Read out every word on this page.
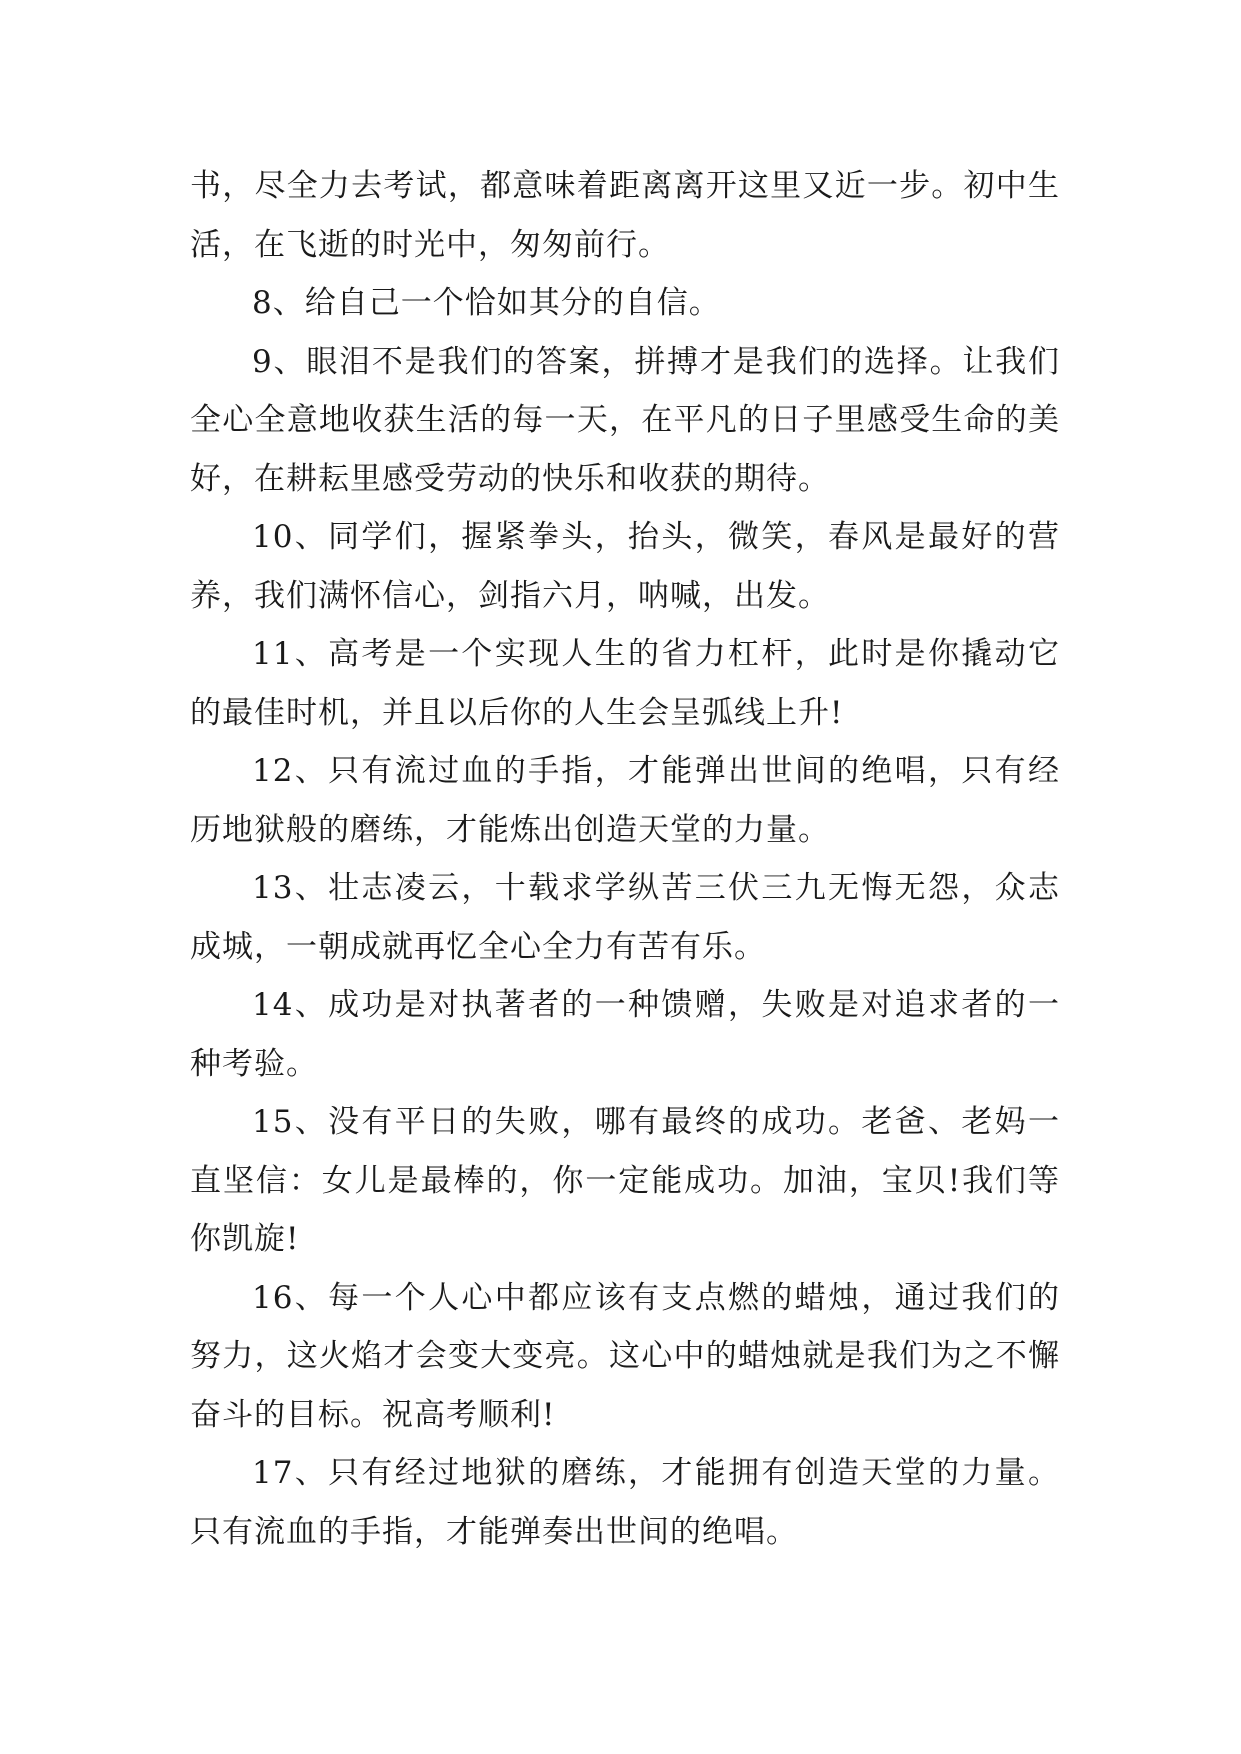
书，尽全力去考试，都意味着距离离开这里又近一步。初中生活，在飞逝的时光中，匆匆前行。

8、给自己一个恰如其分的自信。

9、眼泪不是我们的答案，拼搏才是我们的选择。让我们全心全意地收获生活的每一天，在平凡的日子里感受生命的美好，在耕耘里感受劳动的快乐和收获的期待。

10、同学们，握紧拳头，抬头，微笑，春风是最好的营养，我们满怀信心，剑指六月，呐喊，出发。

11、高考是一个实现人生的省力杠杆，此时是你撬动它的最佳时机，并且以后你的人生会呈弧线上升!

12、只有流过血的手指，才能弹出世间的绝唱，只有经历地狱般的磨练，才能炼出创造天堂的力量。

13、壮志凌云，十载求学纵苦三伏三九无悔无怨，众志成城，一朝成就再忆全心全力有苦有乐。

14、成功是对执著者的一种馈赠，失败是对追求者的一种考验。

15、没有平日的失败，哪有最终的成功。老爸、老妈一直坚信：女儿是最棒的，你一定能成功。加油，宝贝!我们等你凯旋!

16、每一个人心中都应该有支点燃的蜡烛，通过我们的努力，这火焰才会变大变亮。这心中的蜡烛就是我们为之不懈奋斗的目标。祝高考顺利!

17、只有经过地狱的磨练，才能拥有创造天堂的力量。只有流血的手指，才能弹奏出世间的绝唱。
